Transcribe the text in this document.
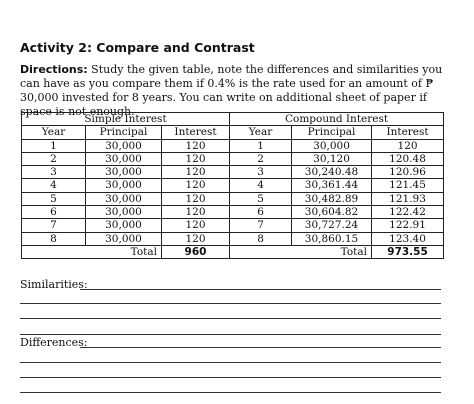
Activity 2: Compare and Contrast
Directions: Study the given table, note the differences and similarities you can have as you compare them if 0.4% is the rate used for an amount of ₱ 30,000 invested for 8 years. You can write on additional sheet of paper if space is not enough.
Simple Interest			Compound Interest		
Year	Principal	Interest	Year	Principal	Interest
1	30,000	120	1	30,000	120
2	30,000	120	2	30,120	120.48
3	30,000	120	3	30,240.48	120.96
4	30,000	120	4	30,361.44	121.45
5	30,000	120	5	30,482.89	121.93
6	30,000	120	6	30,604.82	122.42
7	30,000	120	7	30,727.24	122.91
8	30,000	120	8	30,860.15	123.40
	Total	960		Total	973.55
Similarities:
Differences:
